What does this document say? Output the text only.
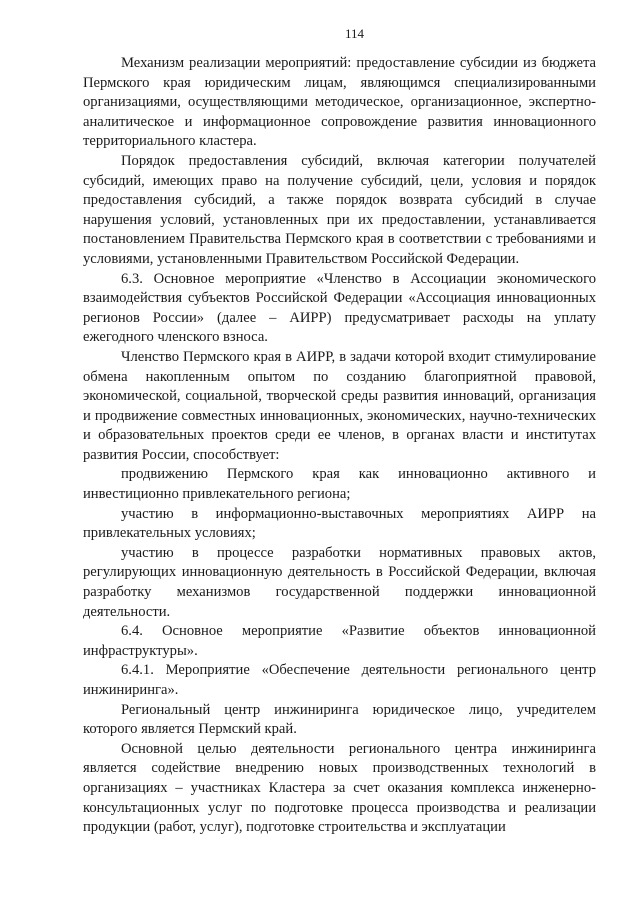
114

Механизм реализации мероприятий: предоставление субсидии из бюджета Пермского края юридическим лицам, являющимся специализированными организациями, осуществляющими методическое, организационное, экспертно-аналитическое и информационное сопровождение развития инновационного территориального кластера.

Порядок предоставления субсидий, включая категории получателей субсидий, имеющих право на получение субсидий, цели, условия и порядок предоставления субсидий, а также порядок возврата субсидий в случае нарушения условий, установленных при их предоставлении, устанавливается постановлением Правительства Пермского края в соответствии с требованиями и условиями, установленными Правительством Российской Федерации.

6.3. Основное мероприятие «Членство в Ассоциации экономического взаимодействия субъектов Российской Федерации «Ассоциация инновационных регионов России» (далее – АИРР) предусматривает расходы на уплату ежегодного членского взноса.

Членство Пермского края в АИРР, в задачи которой входит стимулирование обмена накопленным опытом по созданию благоприятной правовой, экономической, социальной, творческой среды развития инноваций, организация и продвижение совместных инновационных, экономических, научно-технических и образовательных проектов среди ее членов, в органах власти и институтах развития России, способствует:

продвижению Пермского края как инновационно активного и инвестиционно привлекательного региона;

участию в информационно-выставочных мероприятиях АИРР на привлекательных условиях;

участию в процессе разработки нормативных правовых актов, регулирующих инновационную деятельность в Российской Федерации, включая разработку механизмов государственной поддержки инновационной деятельности.

6.4. Основное мероприятие «Развитие объектов инновационной инфраструктуры».

6.4.1. Мероприятие «Обеспечение деятельности регионального центр инжиниринга».

Региональный центр инжиниринга юридическое лицо, учредителем которого является Пермский край.

Основной целью деятельности регионального центра инжиниринга является содействие внедрению новых производственных технологий в организациях – участниках Кластера за счет оказания комплекса инженерно-консультационных услуг по подготовке процесса производства и реализации продукции (работ, услуг), подготовке строительства и эксплуатации
